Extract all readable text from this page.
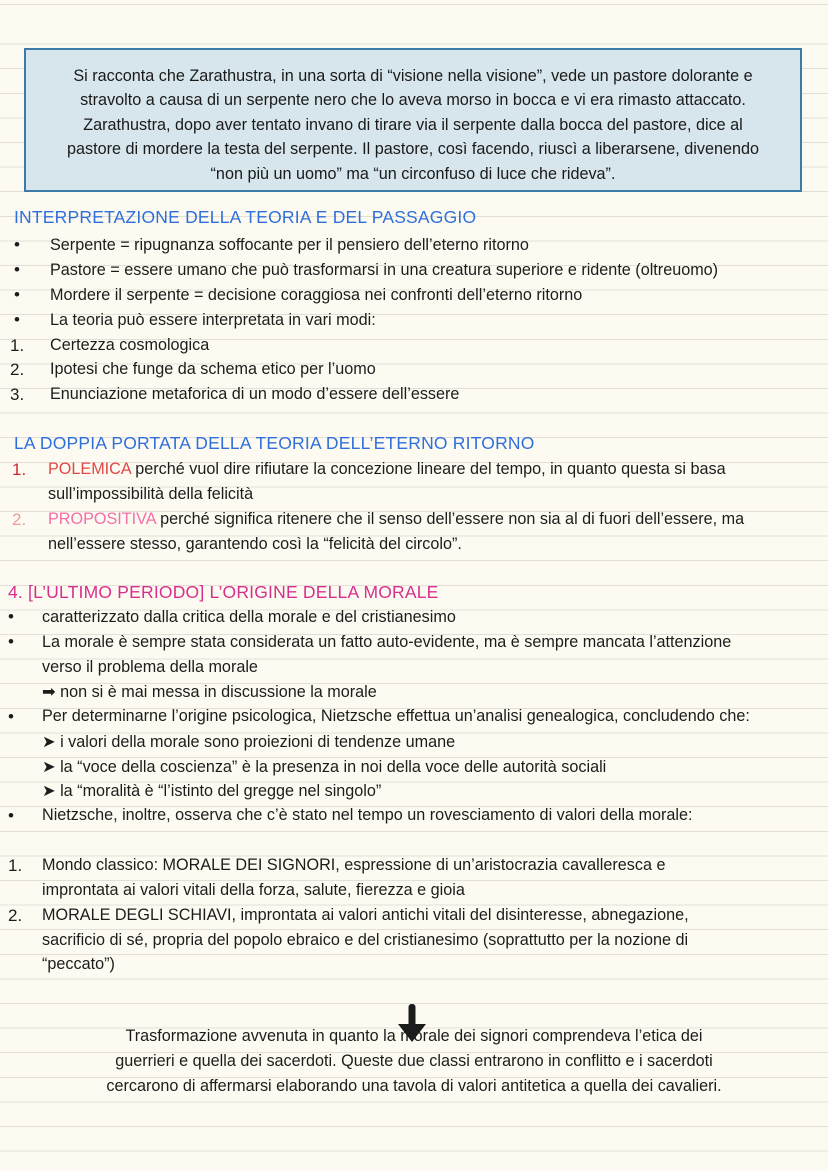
Si racconta che Zarathustra, in una sorta di “visione nella visione”, vede un pastore dolorante e

stravolto a causa di un serpente nero che lo aveva morso in bocca e vi era rimasto attaccato.

Zarathustra, dopo aver tentato invano di tirare via il serpente dalla bocca del pastore, dice al

pastore di mordere la testa del serpente. Il pastore, così facendo, riuscì a liberarsene, divenendo

“non più un uomo” ma “un circonfuso di luce che rideva”.

INTERPRETAZIONE DELLA TEORIA E DEL PASSAGGIO
• Serpente = ripugnanza soffocante per il pensiero dell’eterno ritorno
• Pastore = essere umano che può trasformarsi in una creatura superiore e ridente (oltreuomo)
• Mordere il serpente = decisione coraggiosa nei confronti dell’eterno ritorno
• La teoria può essere interpretata in vari modi:
1. Certezza cosmologica
2. Ipotesi che funge da schema etico per l’uomo
3. Enunciazione metaforica di un modo d’essere dell’essere
LA DOPPIA PORTATA DELLA TEORIA DELL’ETERNO RITORNO
1. POLEMICA perché vuol dire rifiutare la concezione lineare del tempo, in quanto questa si basa
sull’impossibilità della felicità
2. PROPOSITIVA perché significa ritenere che il senso dell’essere non sia al di fuori dell’essere, ma
nell’essere stesso, garantendo così la “felicità del circolo”.
4. [L’ULTIMO PERIODO] L’ORIGINE DELLA MORALE
• caratterizzato dalla critica della morale e del cristianesimo
• La morale è sempre stata considerata un fatto auto-evidente, ma è sempre mancata l’attenzione
verso il problema della morale
➡ non si è mai messa in discussione la morale
• Per determinarne l’origine psicologica, Nietzsche effettua un’analisi genealogica, concludendo che:
➤ i valori della morale sono proiezioni di tendenze umane
➤ la “voce della coscienza” è la presenza in noi della voce delle autorità sociali
➤ la “moralità è “l’istinto del gregge nel singolo”
• Nietzsche, inoltre, osserva che c’è stato nel tempo un rovesciamento di valori della morale:
1. Mondo classico: MORALE DEI SIGNORI, espressione di un’aristocrazia cavalleresca e
improntata ai valori vitali della forza, salute, fierezza e gioia
2. MORALE DEGLI SCHIAVI, improntata ai valori antichi vitali del disinteresse, abnegazione,
sacrificio di sé, propria del popolo ebraico e del cristianesimo (soprattutto per la nozione di
“peccato”)
Trasformazione avvenuta in quanto la morale dei signori comprendeva l’etica dei
guerrieri e quella dei sacerdoti. Queste due classi entrarono in conflitto e i sacerdoti
cercarono di affermarsi elaborando una tavola di valori antitetica a quella dei cavalieri.
